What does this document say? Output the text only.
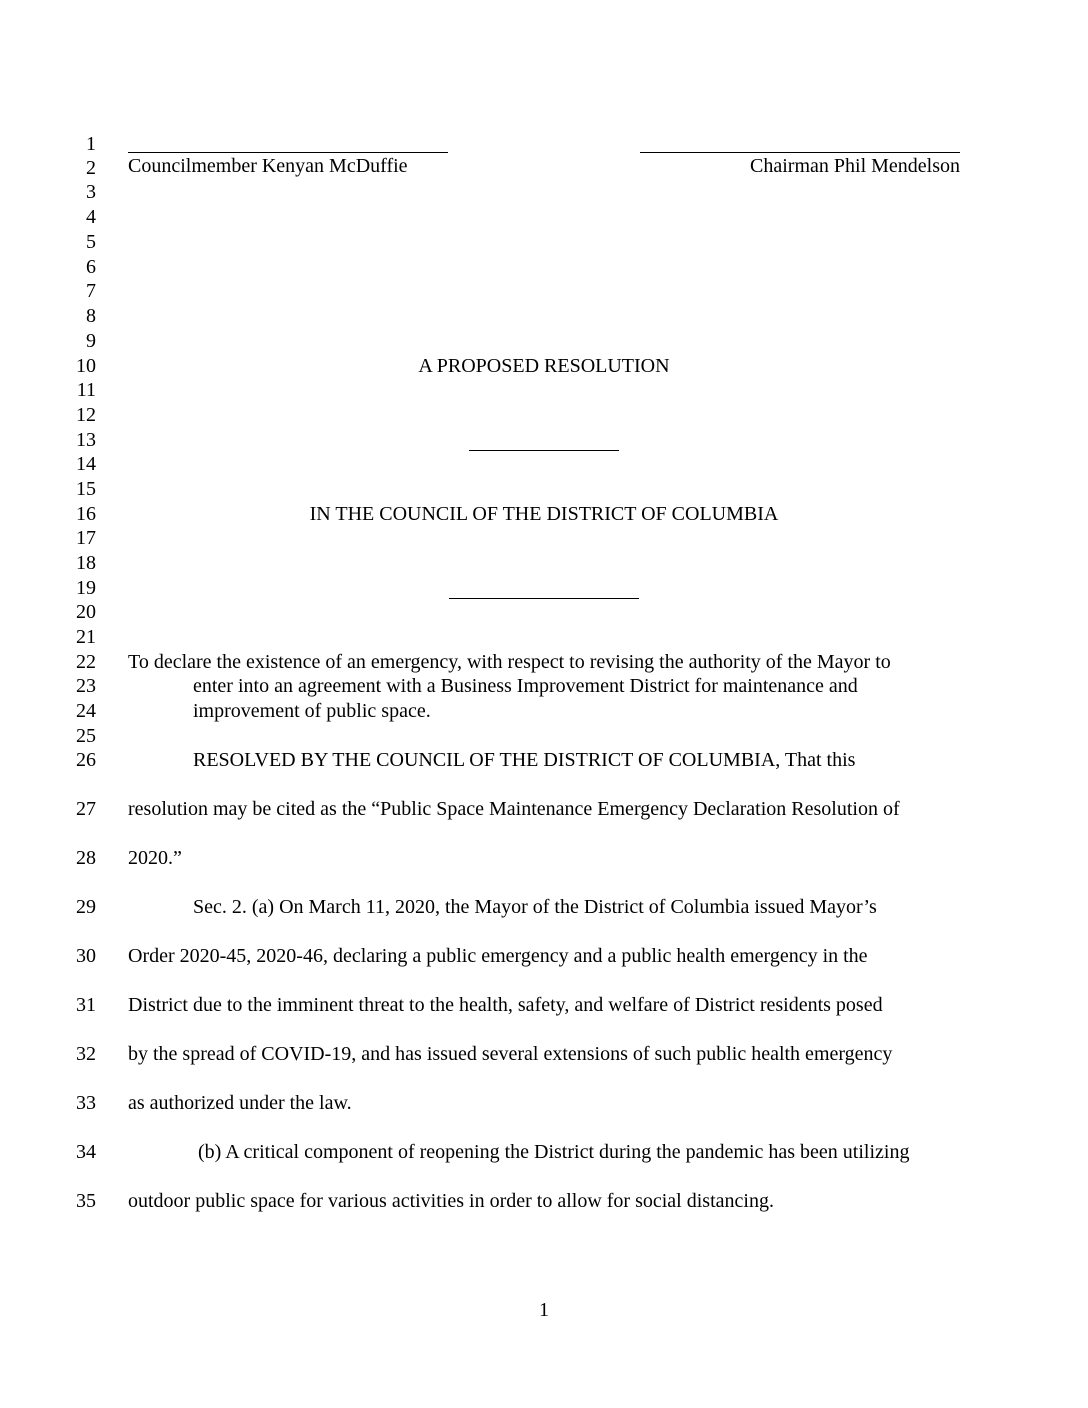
1
2
3
4
5
6
7
8
9
10
11
12
13
14
15
16
17
18
19
20
21
22
23
24
25
26
27
28
29
30
31
32
33
34
35
Councilmember Kenyan McDuffie	Chairman Phil Mendelson
A PROPOSED RESOLUTION
IN THE COUNCIL OF THE DISTRICT OF COLUMBIA
To declare the existence of an emergency, with respect to revising the authority of the Mayor to
enter into an agreement with a Business Improvement District for maintenance and
improvement of public space.
RESOLVED BY THE COUNCIL OF THE DISTRICT OF COLUMBIA, That this
resolution may be cited as the “Public Space Maintenance Emergency Declaration Resolution of
2020.”
Sec. 2. (a) On March 11, 2020, the Mayor of the District of Columbia issued Mayor’s
Order 2020-45, 2020-46, declaring a public emergency and a public health emergency in the
District due to the imminent threat to the health, safety, and welfare of District residents posed
by the spread of COVID-19, and has issued several extensions of such public health emergency
as authorized under the law.
(b) A critical component of reopening the District during the pandemic has been utilizing
outdoor public space for various activities in order to allow for social distancing.
1
